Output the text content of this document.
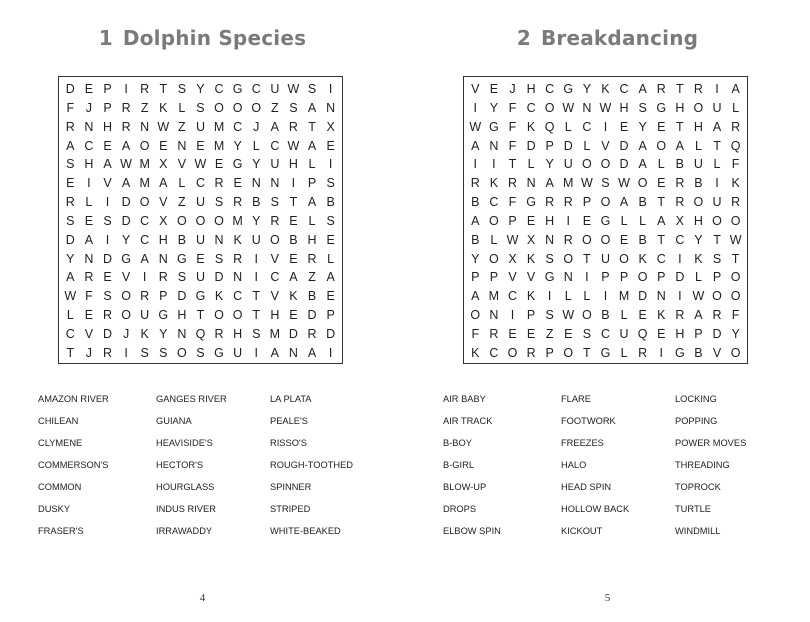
1 Dolphin Species
D E P	I R T S Y C G C U W S	I
F J P R Z K L S O O O Z S A N
R N H R N W Z U M C J A R T X
A C E A O E N E M Y L C W A E
S H A W M X V W E G Y U H L	I
E	I	V A M A L C R E N N I	P S
R L	I D O V Z U S R B S T A B
S E S D C X O O O M Y R E L S
D A	I	Y C H B U N K U O B H E
Y N D G A N G E S R I	V E R L
A R E V	I R S U D N I C A Z A
W F S O R P D G K C T V K B E
L E R O U G H T O O T H E D P
C V D J K Y N Q R H S M D R D
T J R I	S S O S G U I	A N A	I
AMAZON RIVER	GANGES RIVER	LA PLATA
CHILEAN	GUIANA	PEALE'S
CLYMENE	HEAVISIDE'S	RISSO'S
COMMERSON'S	HECTOR'S	ROUGH-TOOTHED
COMMON	HOURGLASS	SPINNER
DUSKY	INDUS RIVER	STRIPED
FRASER'S	IRRAWADDY	WHITE-BEAKED
4
2 Breakdancing
V E J H C G Y K C A R T R I	A
I	Y F C O W N W H S G H O U L
W G F K Q L C I	E Y E T H A R
A N F D P D L V D A O A L T Q
I	I	T L Y U O O D A L B U L F
R K R N A M W S W O E R B	I	K
B C F G R R P O A B T R O U R
A O P E H I	E G L L A X H O O
B L W X N R O O E B T C Y T W
Y O X K S O T U O K C I	K S T
P P V V G N I	P P O P D L P O
A M C K	I	L L	I M D N I W O O
O N I	P S W O B L E K R A R F
F R E E Z E S C U Q E H P D Y
K C O R P O T G L R I G B V O
AIR BABY	FLARE	LOCKING
AIR TRACK	FOOTWORK	POPPING
B-BOY	FREEZES	POWER MOVES
B-GIRL	HALO	THREADING
BLOW-UP	HEAD SPIN	TOPROCK
DROPS	HOLLOW BACK	TURTLE
ELBOW SPIN	KICKOUT	WINDMILL
5
